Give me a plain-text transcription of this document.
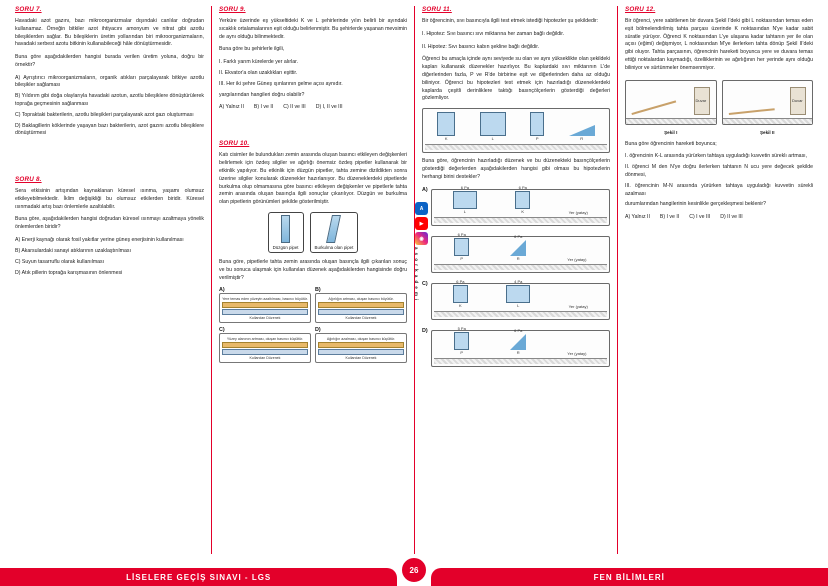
SORU 7.

Havadaki azot gazını, bazı mikroorganizmalar dışındaki canlılar doğrudan kullanamaz. Örneğin bitkiler azot ihtiyacını amonyum ve nitrat gibi azotlu bileşiklerden sağlar. Bu bileşiklerin üretim yollarından biri mikroorganizmaların, havadaki serbest azotu bitkinin kullanabileceği hâle dönüştürmesidir.

Buna göre aşağıdakilerden hangisi burada verilen üretim yoluna, doğru bir örnektir?

A) Ayrıştırıcı mikroorganizmaların, organik atıkları parçalayarak bitkiye azotlu bileşikler sağlaması

B) Yıldırım gibi doğa olaylarıyla havadaki azotun, azotlu bileşiklere dönüştürülerek toprağa geçmesinin sağlanması

C) Topraktaki bakterilerin, azotlu bileşikleri parçalayarak azot gazı oluşturması

D) Baklagillerin köklerinde yaşayan bazı bakterilerin, azot gazını azotlu bileşiklere dönüştürmesi

SORU 8.

Sera etkisinin artışından kaynaklanan küresel ısınma, yaşamı olumsuz etkileyebilmektedir. İklim değişikliği bu olumsuz etkilerden biridir. Küresel ısınmadaki artış bazı önlemlerle azaltılabilir.

Buna göre, aşağıdakilerden hangisi doğrudan küresel ısınmayı azaltmaya yönelik önlemlerden biridir?

A) Enerji kaynağı olarak fosil yakıtlar yerine güneş enerjisinin kullanılması

B) Akarsulardaki sanayi atıklarının uzaklaştırılması

C) Suyun tasarruflu olarak kullanılması

D) Atık pillerin toprağa karışmasının önlenmesi

SORU 9.

Yerküre üzerinde eş yükseltideki K ve L şehirlerinde yılın belirli bir ayındaki sıcaklık ortalamalarının eşit olduğu belirlenmiştir. Bu şehirlerde yaşanan mevsimin de aynı olduğu bilinmektedir.

Buna göre bu şehirlerle ilgili,

I. Farklı yarım kürelerde yer alırlar.

II. Ekvator'a olan uzaklıkları eşittir.

III. Her iki şehre Güneş ışınlarının gelme açısı aynıdır.

yargılarından hangileri doğru olabilir?

A) Yalnız II B) I ve II C) II ve III D) I, II ve III
SORU 10.

Katı cisimler ile bulundukları zemin arasında oluşan basıncı etkileyen değişkenleri belirlemek için özdeş silgiler ve ağırlığı önemsiz özdeş pipetler kullanarak bir etkinlik yapılıyor. Bu etkinlik için düzgün pipetler, tahta zemine dizildikten sonra üzerine silgiler konularak düzenekler hazırlanıyor. Bu düzeneklerdeki pipetlerde burkulma olup olmamasına göre basıncı etkileyen değişkenler ve pipetlerle tahta zemin arasında oluşan basınçla ilgili sonuçlar çıkarılıyor. Düzgün ve burkulma olan pipetlerin görünümleri şekilde gösterilmiştir.

Düzgün pipet	Burkulma olan pipet

Buna göre, pipetlerle tahta zemin arasında oluşan basınçla ilgili çıkarılan sonuç ve bu sonuca ulaşmak için kullanılan düzenek aşağıdakilerden hangisinde doğru verilmiştir?

A)
Yere temas eden yüzeyin azaltılması, basıncı büyütür.
Kullanılan Düzenek
B)
Ağırlığın artması, oluşan basıncı büyütür.
Kullanılan Düzenek
C)
Yüzey alanının artması, oluşan basıncı küçültür.
Kullanılan Düzenek
D)
Ağırlığın azalması, oluşan basıncı küçültür.
Kullanılan Düzenek
A
▶
◉
a s o r k a d e m i
SORU 11.

Bir öğrencinin, sıvı basıncıyla ilgili test etmek istediği hipotezler şu şekildedir:

I. Hipotez: Sıvı basıncı sıvı miktarına her zaman bağlı değildir.

II. Hipotez: Sıvı basıncı kabın şekline bağlı değildir.

Öğrenci bu amaçla içinde aynı seviyede su olan ve aynı yükseklikte olan şekildeki kapları kullanarak düzenekler hazırlıyor. Bu kaplardaki sıvı miktarının L'de diğerlerinden fazla, P ve R'de birbirine eşit ve diğerlerinden daha az olduğu biliniyor. Öğrenci bu hipotezleri test etmek için hazırladığı düzeneklerdeki kaplarda çeşitli derinliklere taktığı basınçölçerlerin gösterdiği değerleri gözlemliyor.

K	L	P	R

Buna göre, öğrencinin hazırladığı düzenek ve bu düzenekteki basınçölçerlerin gösterdiği değerlerden aşağıdakilerden hangisi gibi olması bu hipotezlerin herhangi birini destekler?

A)	6 Pa
L
6 Pa
K	Yer (yatay)
6 Pa
P
6 Pa
R	Yer (yatay)
C)	6 Pa
K
4 Pa
L	Yer (yatay)
D)	5 Pa
P
6 Pa
R	Yer (yatay)
SORU 12.

Bir öğrenci, yere sabitlenen bir duvara Şekil I'deki gibi L noktasından temas eden eşit bölmelendirilmiş tahta parçası üzerinde K noktasından N'ye kadar sabit süratle yürüyor. Öğrenci K noktasından L'ye ulaşana kadar tahtanın yer ile olan açısı (eğimi) değişmiyor, L noktasından M'ye ilerlerken tahta dönüp Şekil II'deki gibi oluyor. Tahta parçasının, öğrencinin hareketi boyunca yere ve duvara temas ettiği noktalardan kaymadığı, özelliklerinin ve ağırlığının her yerinde aynı olduğu biliniyor ve sürtünmeler önemsenmiyor.

Duvar
Şekil I
Duvar
Şekil II

Buna göre öğrencinin hareketi boyunca;

I. öğrencinin K-L arasında yürürken tahtaya uyguladığı kuvvetin süreklı artması,

II. öğrenci M den N'ye doğru ilerlerken tahtanın N ucu yere değecek şekilde dönmesi,

III. öğrencinin M-N arasında yürürken tahtaya uyguladığı kuvvetin sürekli azalması

durumlarından hangilerinin kesinlikle gerçekleşmesi beklenir?

A) Yalnız II B) I ve II C) I ve III D) II ve III
LİSELERE GEÇİŞ SINAVI - LGS	FEN BİLİMLERİ
26
